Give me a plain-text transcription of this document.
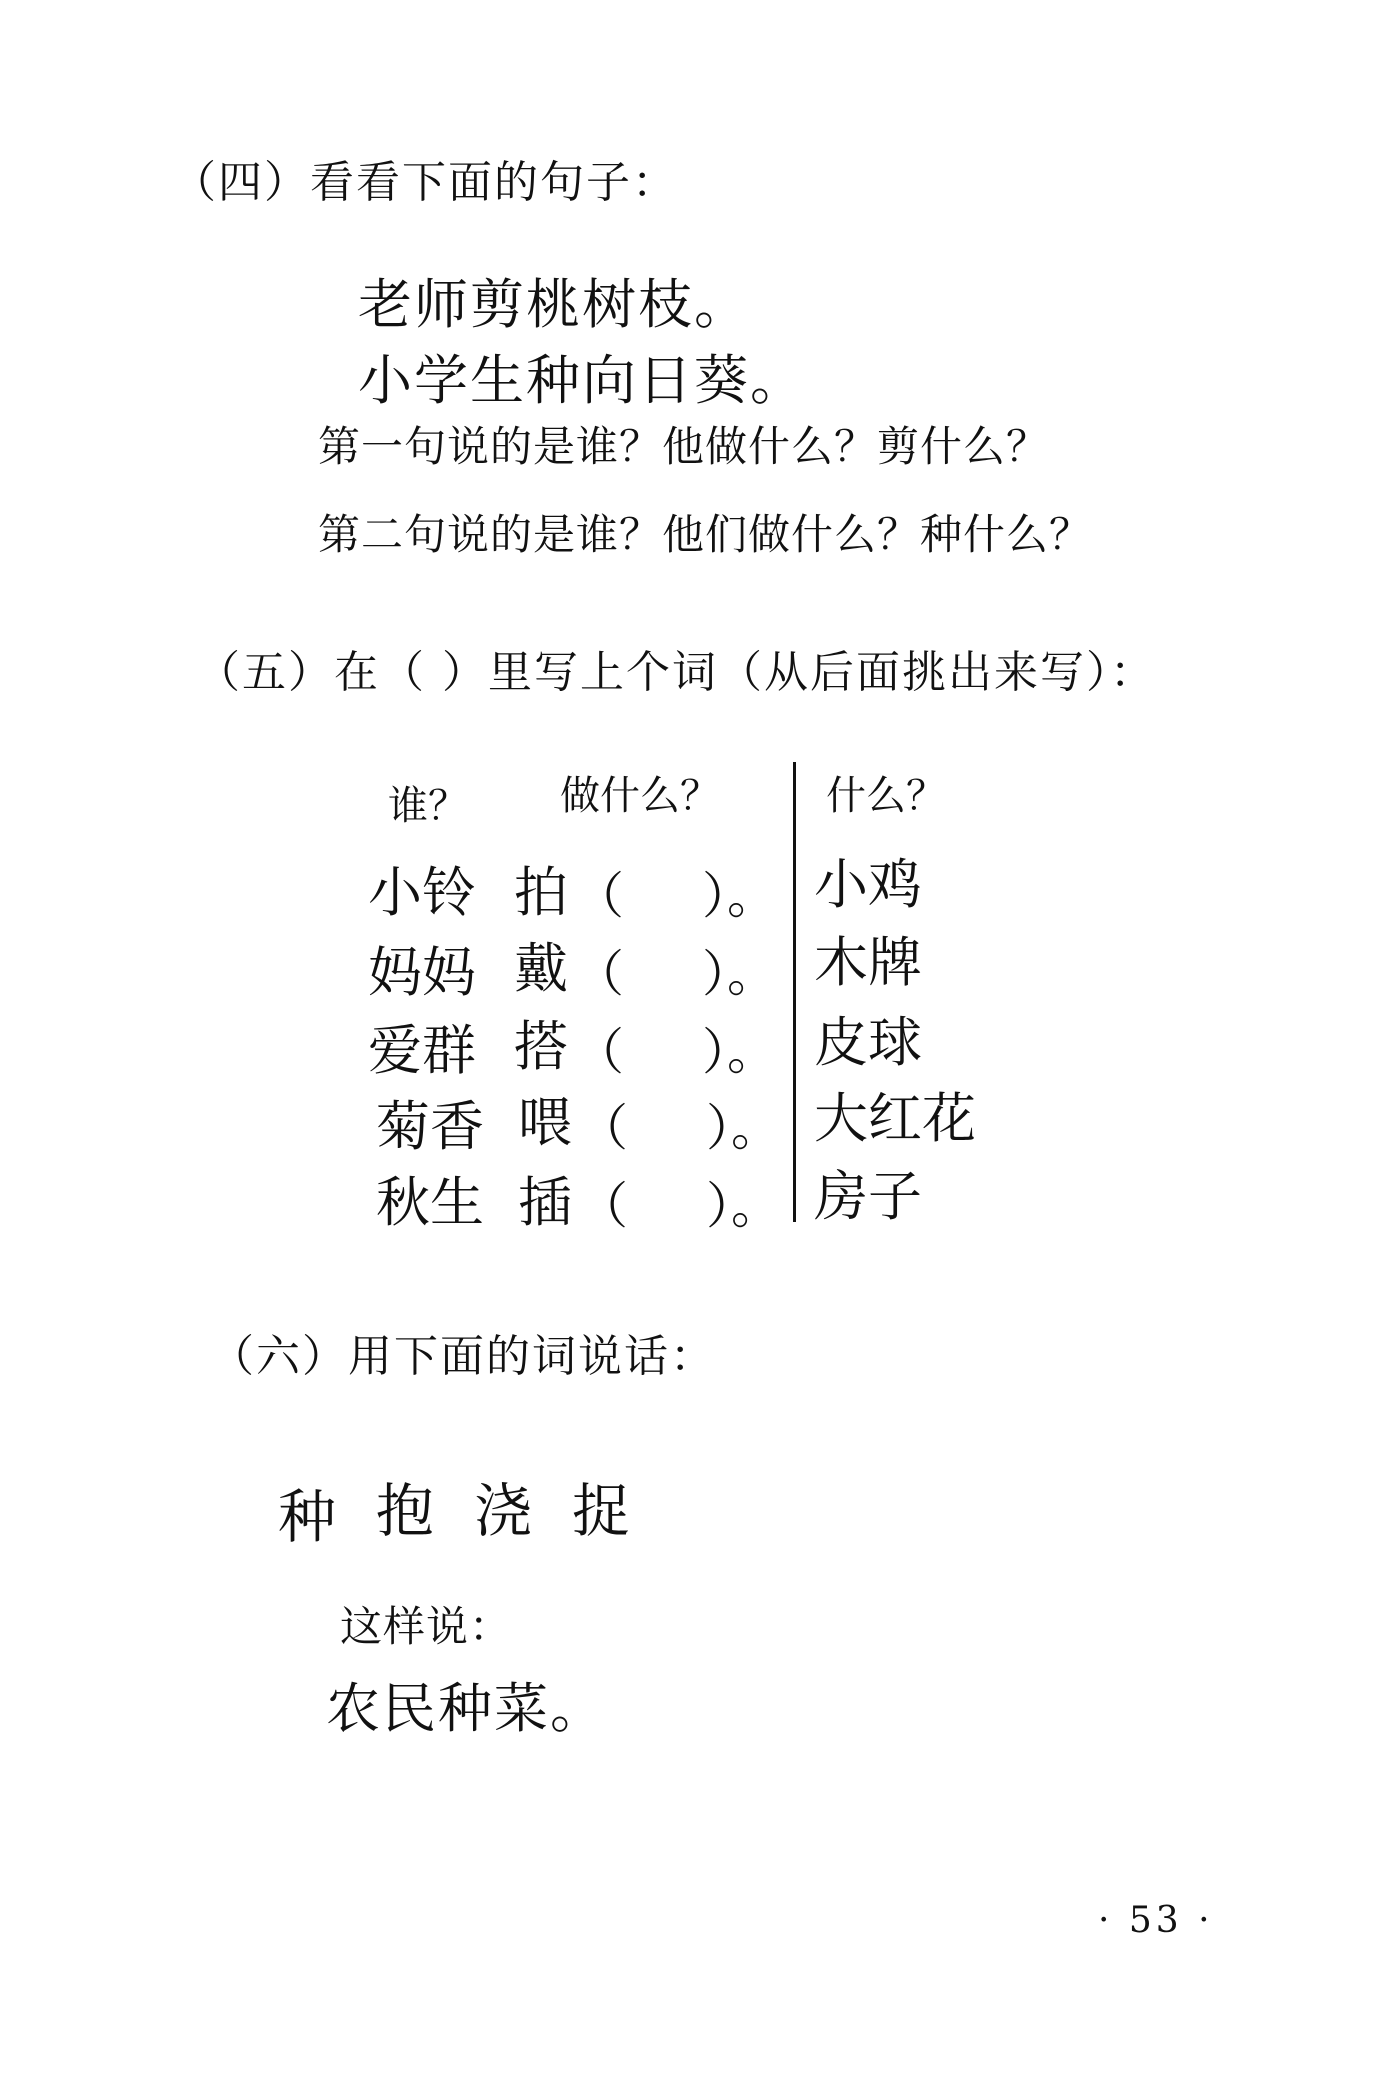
（四）看看下面的句子：
老师剪桃树枝。
小学生种向日葵。
第一句说的是谁？他做什么？剪什么？
第二句说的是谁？他们做什么？种什么？
（五）在（ ）里写上个词（从后面挑出来写）：
谁？ 做什么？	什么？
小铃 拍 （ ）。 小鸡
妈妈 戴 （ ）。 木牌
爱群 搭 （ ）。 皮球
菊香 喂 （ ）。 大红花
秋生 插 （ ）。 房子
（六）用下面的词说话：
种 抱 浇 捉
这样说：
农民种菜。
· 53 ·
